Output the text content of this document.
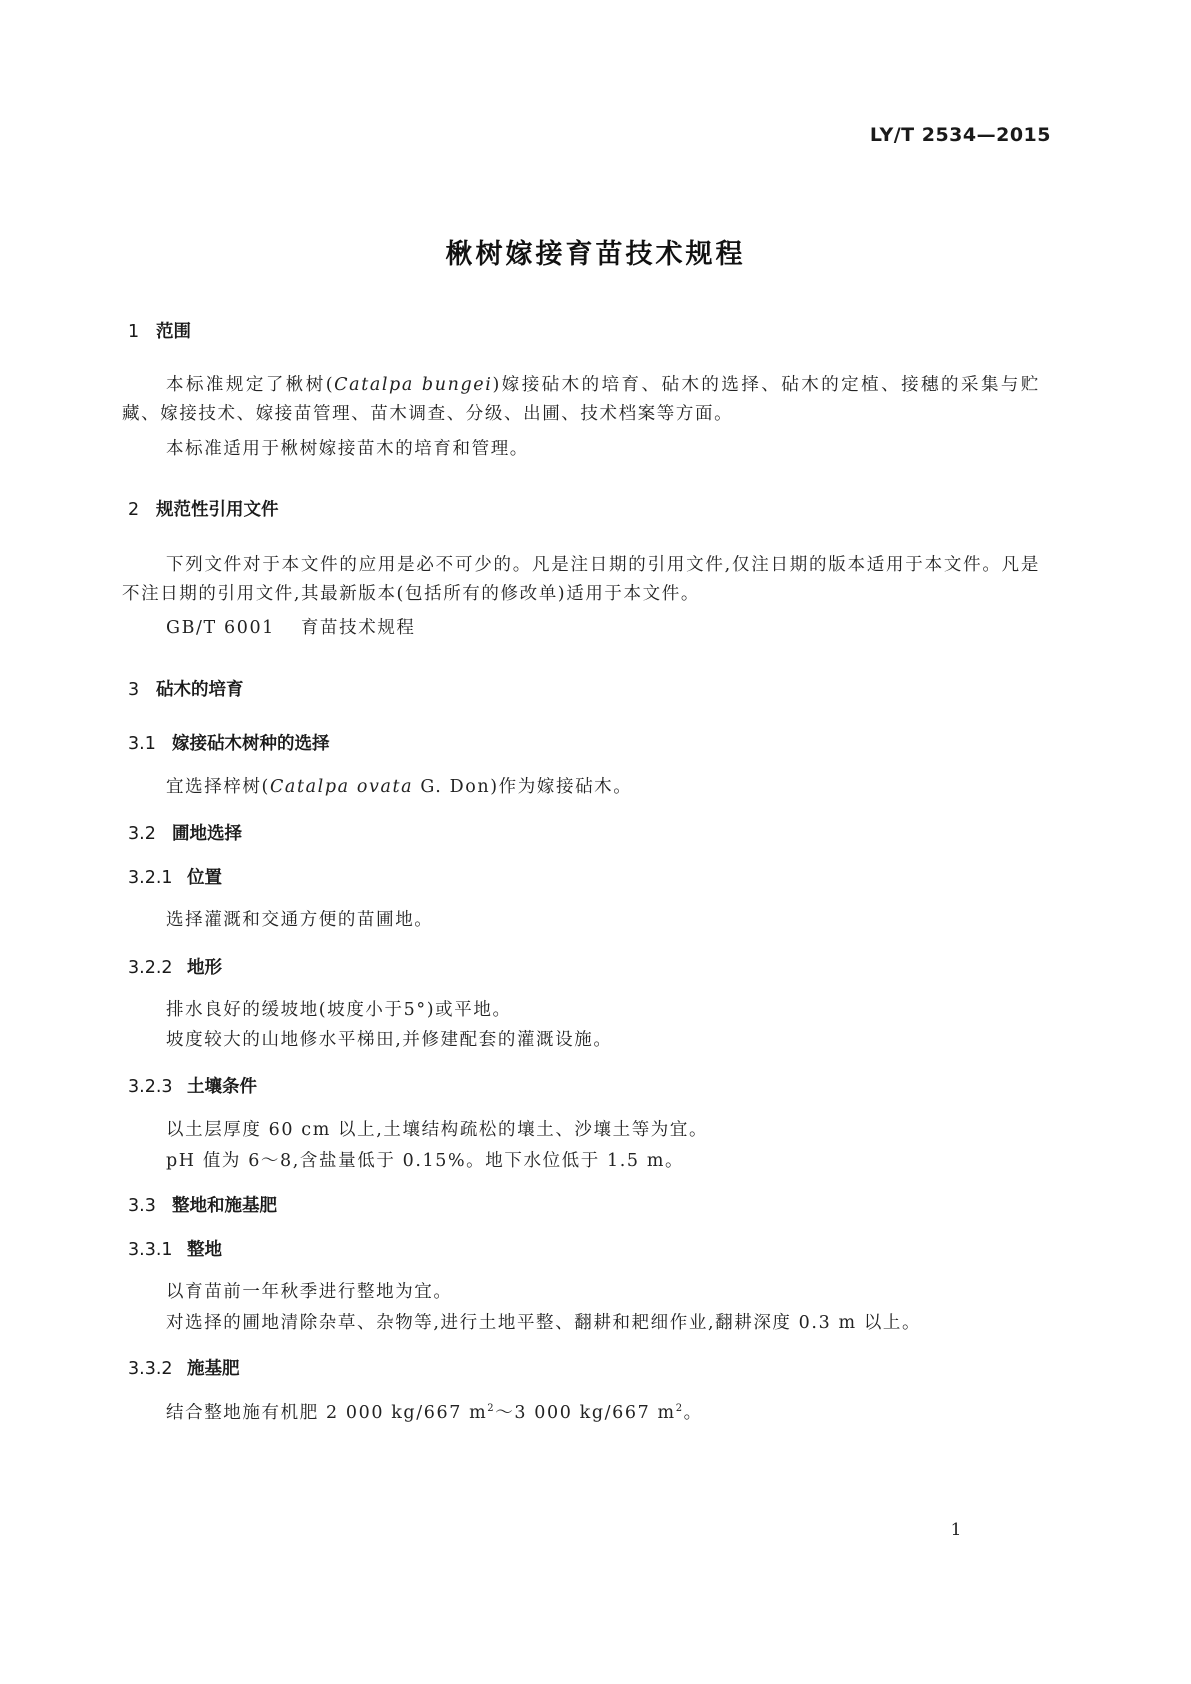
LY/T 2534—2015
楸树嫁接育苗技术规程
1 范围
本标准规定了楸树(Catalpa bungei)嫁接砧木的培育、砧木的选择、砧木的定植、接穗的采集与贮藏、嫁接技术、嫁接苗管理、苗木调查、分级、出圃、技术档案等方面。
本标准适用于楸树嫁接苗木的培育和管理。
2 规范性引用文件
下列文件对于本文件的应用是必不可少的。凡是注日期的引用文件,仅注日期的版本适用于本文件。凡是不注日期的引用文件,其最新版本(包括所有的修改单)适用于本文件。
GB/T 6001 育苗技术规程
3 砧木的培育
3.1 嫁接砧木树种的选择
宜选择梓树(Catalpa ovata G. Don)作为嫁接砧木。
3.2 圃地选择
3.2.1 位置
选择灌溉和交通方便的苗圃地。
3.2.2 地形
排水良好的缓坡地(坡度小于5°)或平地。
坡度较大的山地修水平梯田,并修建配套的灌溉设施。
3.2.3 土壤条件
以土层厚度 60 cm 以上,土壤结构疏松的壤土、沙壤土等为宜。
pH 值为 6～8,含盐量低于 0.15%。地下水位低于 1.5 m。
3.3 整地和施基肥
3.3.1 整地
以育苗前一年秋季进行整地为宜。
对选择的圃地清除杂草、杂物等,进行土地平整、翻耕和耙细作业,翻耕深度 0.3 m 以上。
3.3.2 施基肥
结合整地施有机肥 2 000 kg/667 $m^2\sim 3$ 000 kg/667 $m^2$。
1
